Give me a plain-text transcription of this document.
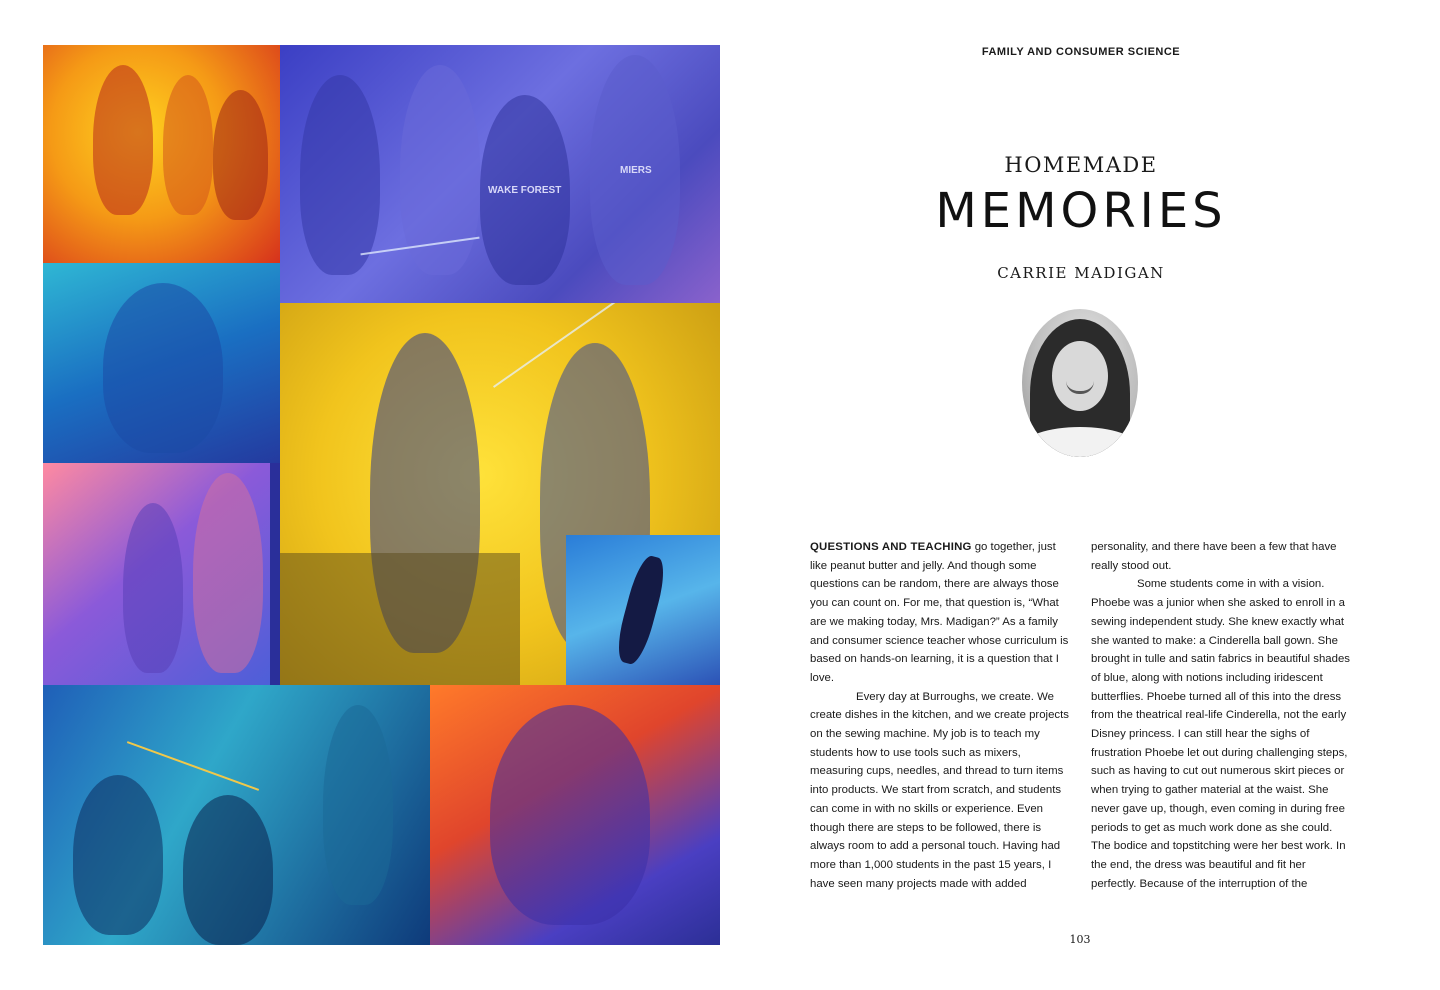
WAKE FOREST
MIERS
FAMILY AND CONSUMER SCIENCE
HOMEMADE
MEMORIES
CARRIE MADIGAN

QUESTIONS AND TEACHING go together, just like peanut butter and jelly. And though some questions can be random, there are always those you can count on. For me, that question is, “What are we making today, Mrs. Madigan?” As a family and consumer science teacher whose curriculum is based on hands-on learning, it is a question that I love.

Every day at Burroughs, we create. We create dishes in the kitchen, and we create projects on the sewing machine. My job is to teach my students how to use tools such as mixers, measuring cups, needles, and thread to turn items into products. We start from scratch, and students can come in with no skills or experience. Even though there are steps to be followed, there is always room to add a personal touch. Having had more than 1,000 students in the past 15 years, I have seen many projects made with added

personality, and there have been a few that have really stood out.

Some students come in with a vision. Phoebe was a junior when she asked to enroll in a sewing independent study. She knew exactly what she wanted to make: a Cinderella ball gown. She brought in tulle and satin fabrics in beautiful shades of blue, along with notions including iridescent butterflies. Phoebe turned all of this into the dress from the theatrical real-life Cinderella, not the early Disney princess. I can still hear the sighs of frustration Phoebe let out during challenging steps, such as having to cut out numerous skirt pieces or when trying to gather material at the waist. She never gave up, though, even coming in during free periods to get as much work done as she could. The bodice and topstitching were her best work. In the end, the dress was beautiful and fit her perfectly. Because of the interruption of the

103
